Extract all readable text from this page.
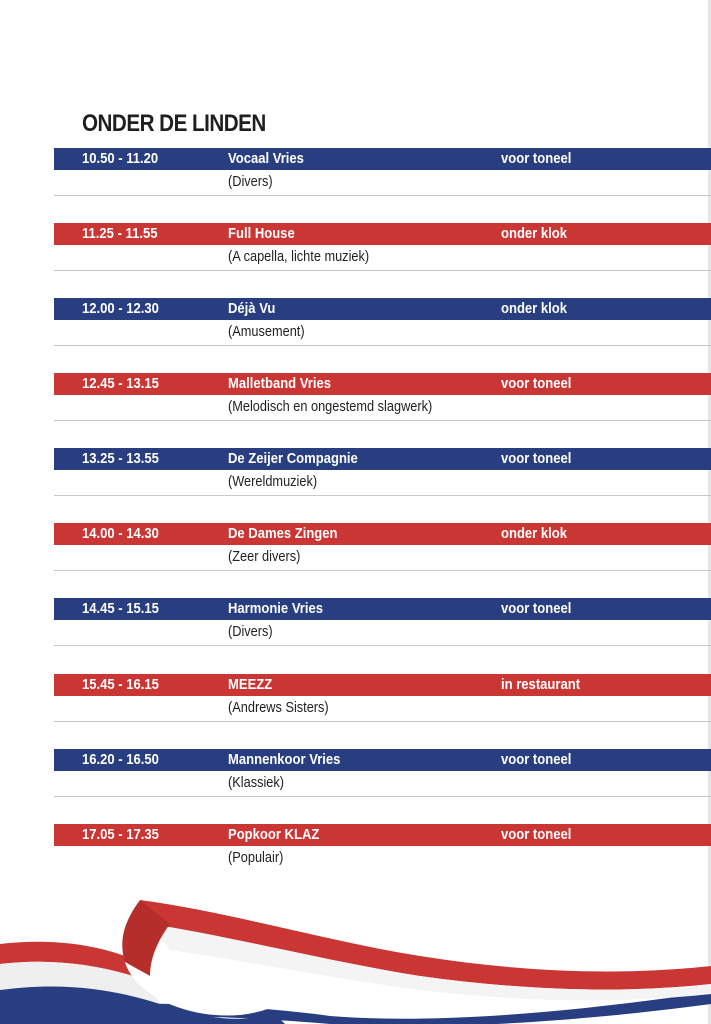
ONDER DE LINDEN
10.50 - 11.20	Vocaal Vries	voor toneel
(Divers)
11.25 - 11.55	Full House	onder klok
(A capella, lichte muziek)
12.00 - 12.30	Déjà Vu	onder klok
(Amusement)
12.45 - 13.15	Malletband Vries	voor toneel
(Melodisch en ongestemd slagwerk)
13.25 - 13.55	De Zeijer Compagnie	voor toneel
(Wereldmuziek)
14.00 - 14.30	De Dames Zingen	onder klok
(Zeer divers)
14.45 - 15.15	Harmonie Vries	voor toneel
(Divers)
15.45 - 16.15	MEEZZ	in restaurant
(Andrews Sisters)
16.20 - 16.50	Mannenkoor Vries	voor toneel
(Klassiek)
17.05 - 17.35	Popkoor KLAZ	voor toneel
(Populair)
